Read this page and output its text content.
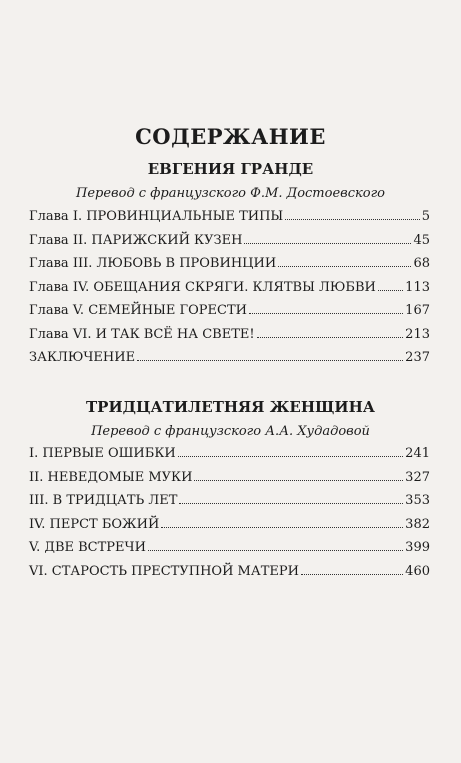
СОДЕРЖАНИЕ
ЕВГЕНИЯ ГРАНДЕ
Перевод с французского Ф.М. Достоевского
Глава I. ПРОВИНЦИАЛЬНЫЕ ТИПЫ	5
Глава II. ПАРИЖСКИЙ КУЗЕН	45
Глава III. ЛЮБОВЬ В ПРОВИНЦИИ	68
Глава IV. ОБЕЩАНИЯ СКРЯГИ. КЛЯТВЫ ЛЮБВИ 113
Глава V. СЕМЕЙНЫЕ ГОРЕСТИ	167
Глава VI. И ТАК ВСЁ НА СВЕТЕ!	213
ЗАКЛЮЧЕНИЕ	237
ТРИДЦАТИЛЕТНЯЯ ЖЕНЩИНА
Перевод с французского А.А. Худадовой
I. ПЕРВЫЕ ОШИБКИ	241
II. НЕВЕДОМЫЕ МУКИ	327
III. В ТРИДЦАТЬ ЛЕТ	353
IV. ПЕРСТ БОЖИЙ	382
V. ДВЕ ВСТРЕЧИ	399
VI. СТАРОСТЬ ПРЕСТУПНОЙ МАТЕРИ	460
